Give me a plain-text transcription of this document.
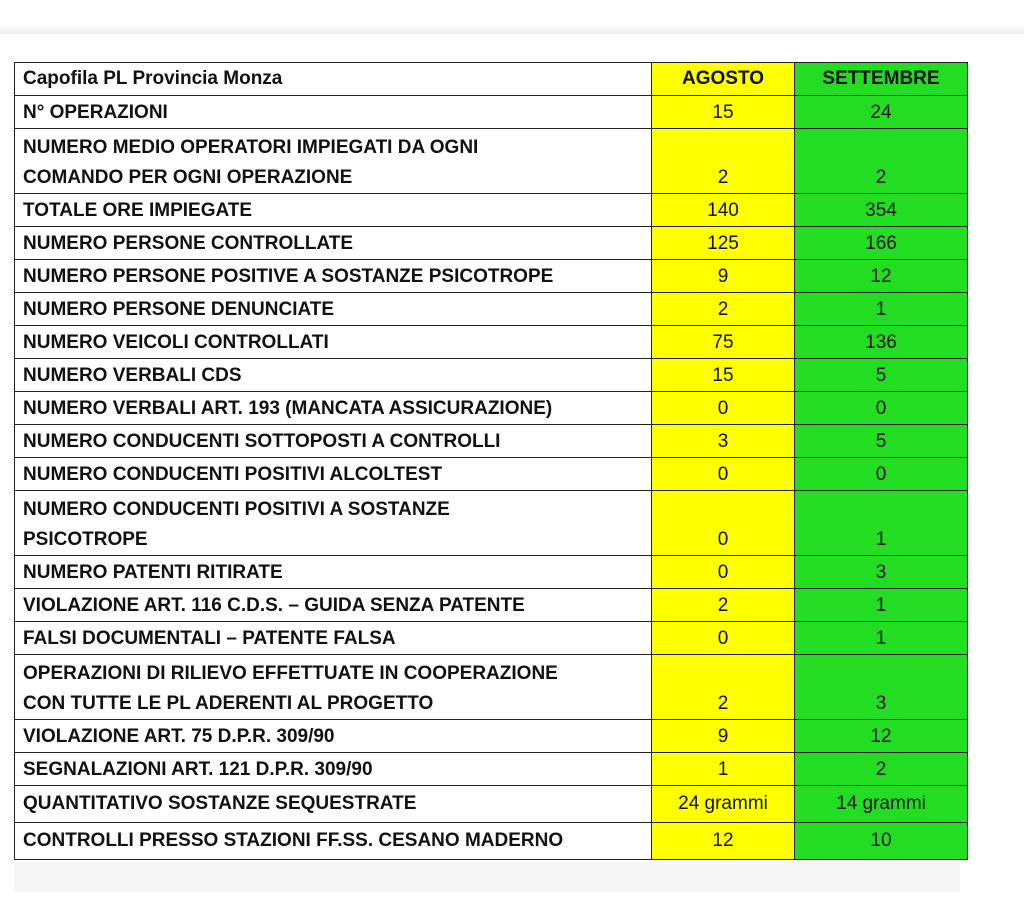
Capofila PL Provincia Monza	AGOSTO	SETTEMBRE
N° OPERAZIONI	15	24

NUMERO MEDIO OPERATORI IMPIEGATI DA OGNI
COMANDO PER OGNI OPERAZIONE	2	2
TOTALE ORE IMPIEGATE	140	354
NUMERO PERSONE CONTROLLATE	125	166
NUMERO PERSONE POSITIVE A SOSTANZE PSICOTROPE	9	12
NUMERO PERSONE DENUNCIATE	2	1
NUMERO VEICOLI CONTROLLATI	75	136
NUMERO VERBALI CDS	15	5
NUMERO VERBALI ART. 193 (MANCATA ASSICURAZIONE)	0	0
NUMERO CONDUCENTI SOTTOPOSTI A CONTROLLI	3	5
NUMERO CONDUCENTI POSITIVI ALCOLTEST	0	0

NUMERO CONDUCENTI POSITIVI A SOSTANZE
PSICOTROPE	0	1
NUMERO PATENTI RITIRATE	0	3
VIOLAZIONE ART. 116 C.D.S. – GUIDA SENZA PATENTE	2	1
FALSI DOCUMENTALI – PATENTE FALSA	0	1

OPERAZIONI DI RILIEVO EFFETTUATE IN COOPERAZIONE
CON TUTTE LE PL ADERENTI AL PROGETTO	2	3
VIOLAZIONE ART. 75 D.P.R. 309/90	9	12
SEGNALAZIONI ART. 121 D.P.R. 309/90	1	2
QUANTITATIVO SOSTANZE SEQUESTRATE	24 grammi	14 grammi
CONTROLLI PRESSO STAZIONI FF.SS. CESANO MADERNO	12	10
